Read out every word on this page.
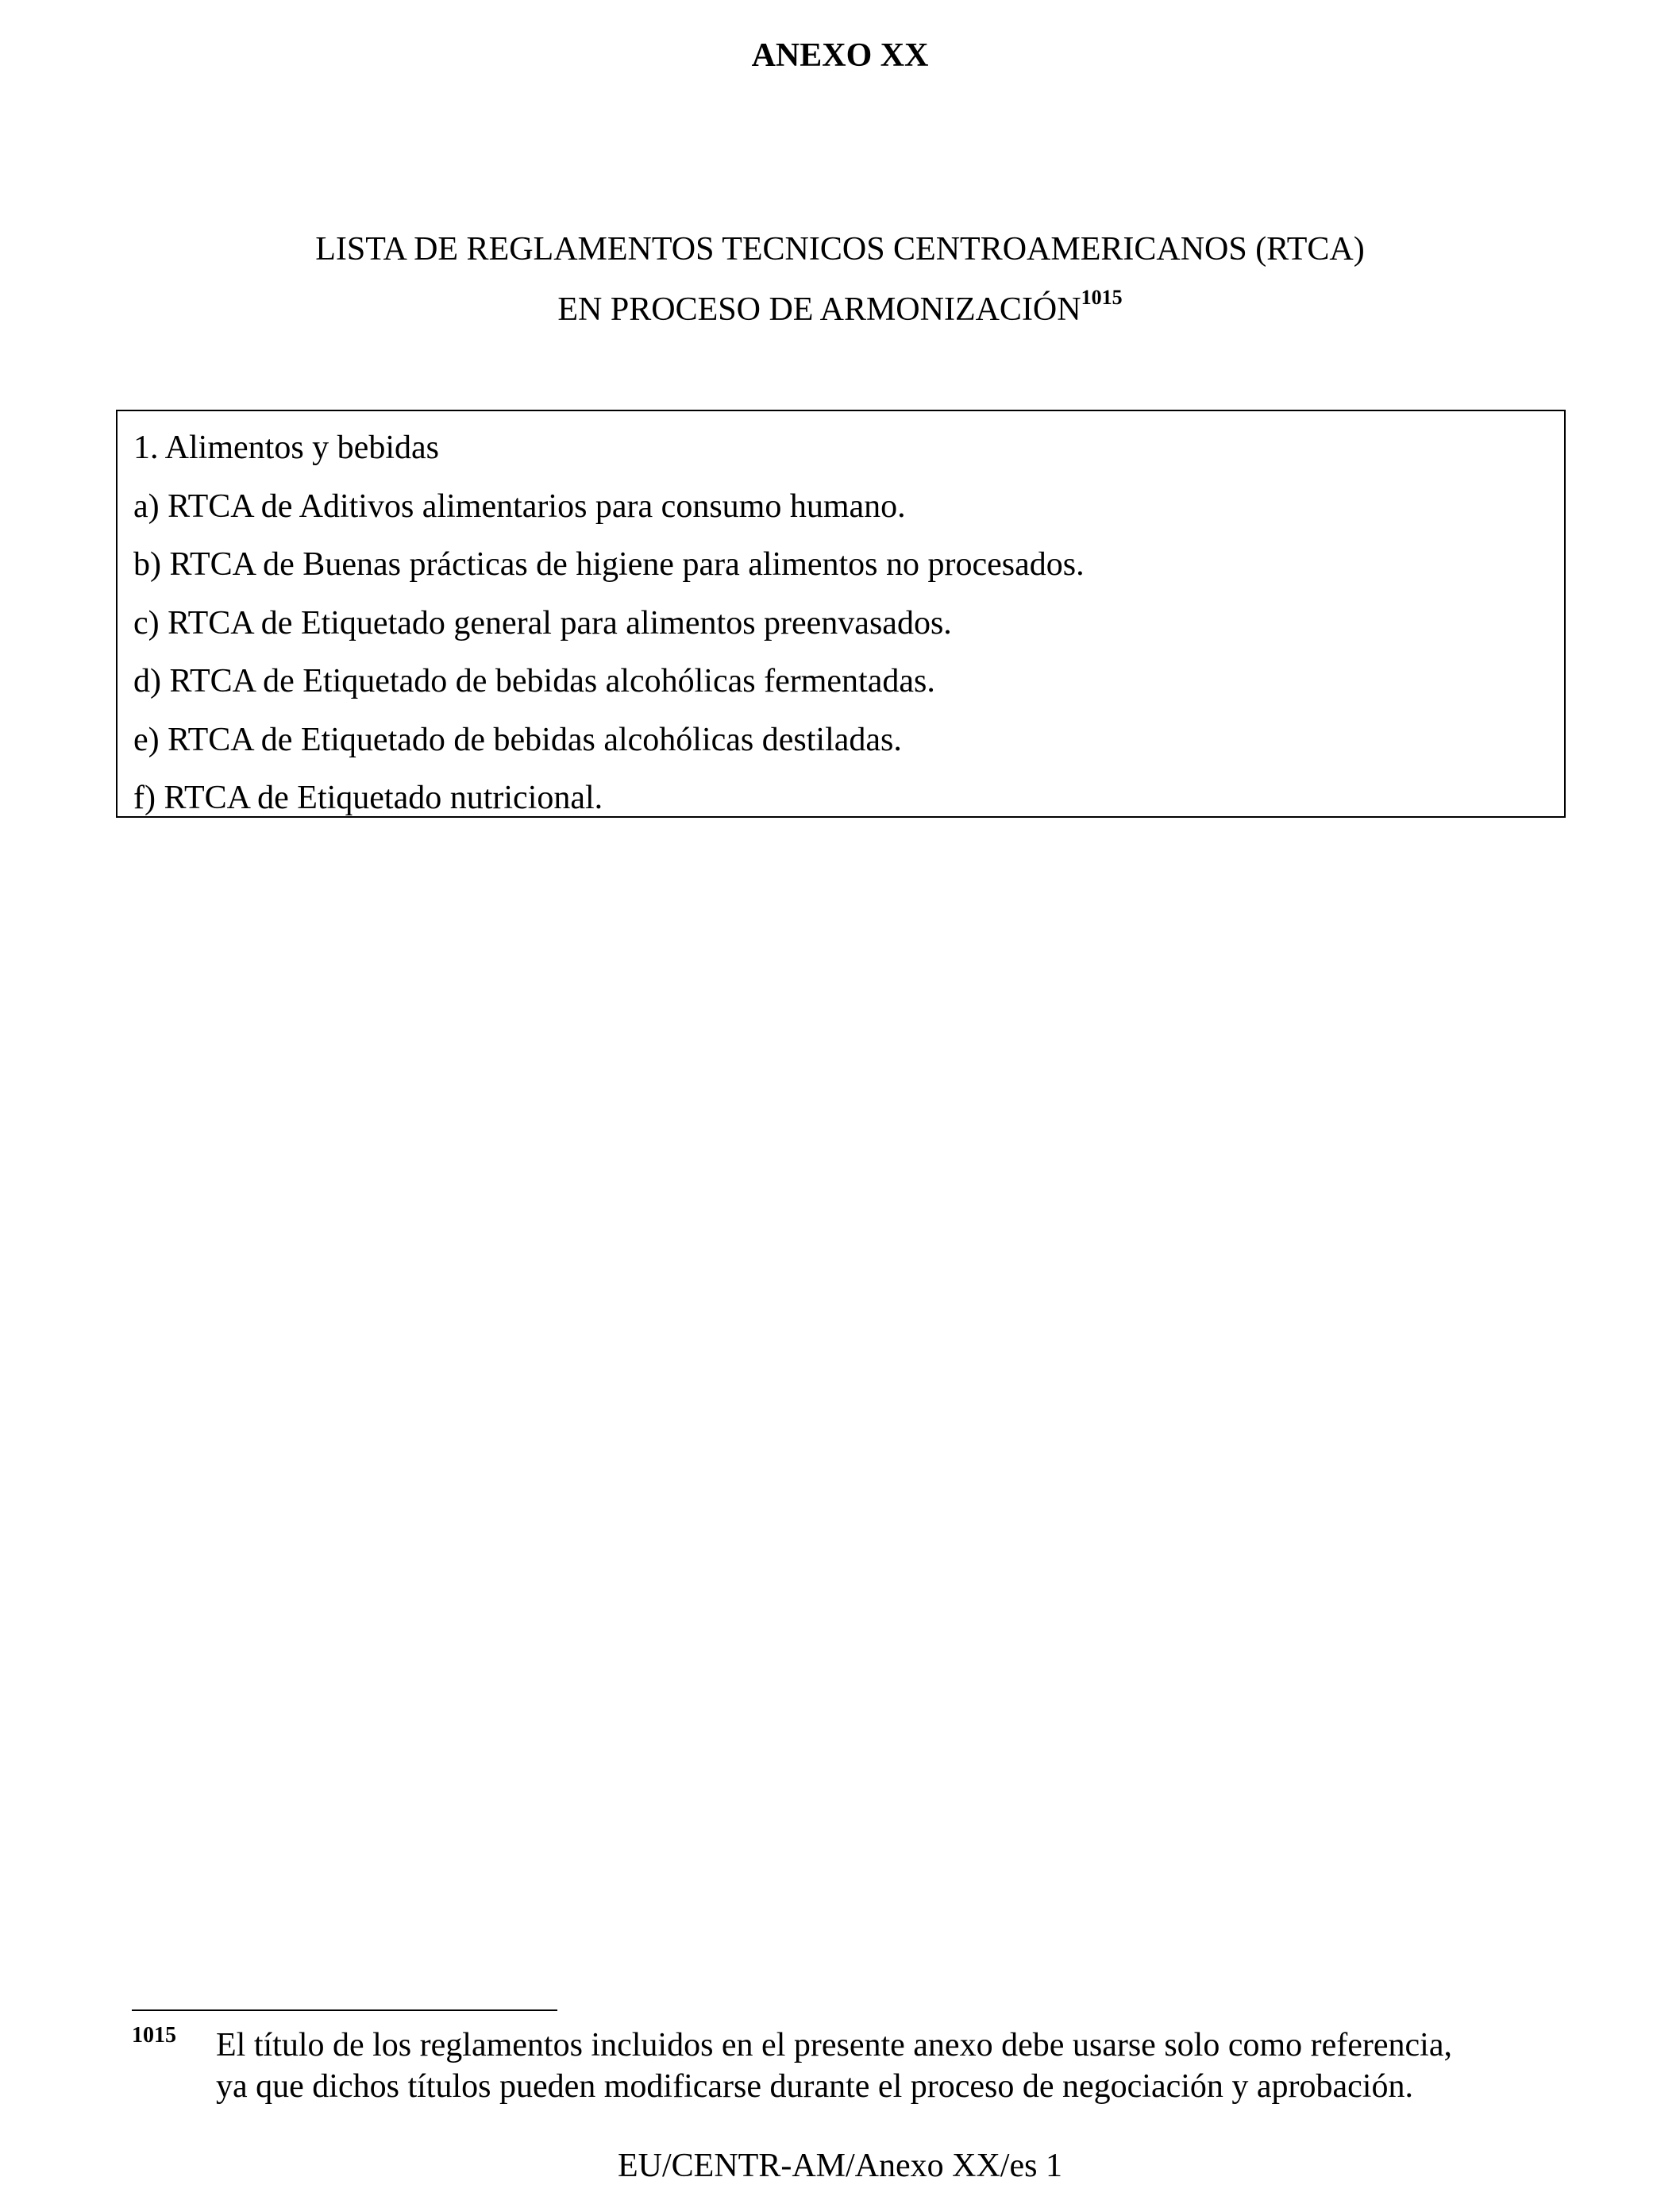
ANEXO XX
LISTA DE REGLAMENTOS TECNICOS CENTROAMERICANOS (RTCA)
EN PROCESO DE $ARMONIZACIÓN^{1015}$
1. Alimentos y bebidas
a) RTCA de Aditivos alimentarios para consumo humano.
b) RTCA de Buenas prácticas de higiene para alimentos no procesados.
c) RTCA de Etiquetado general para alimentos preenvasados.
d) RTCA de Etiquetado de bebidas alcohólicas fermentadas.
e) RTCA de Etiquetado de bebidas alcohólicas destiladas.
f) RTCA de Etiquetado nutricional.
1015 El título de los reglamentos incluidos en el presente anexo debe usarse solo como referencia,
ya que dichos títulos pueden modificarse durante el proceso de negociación y aprobación.
EU/CENTR-AM/Anexo XX/es 1
